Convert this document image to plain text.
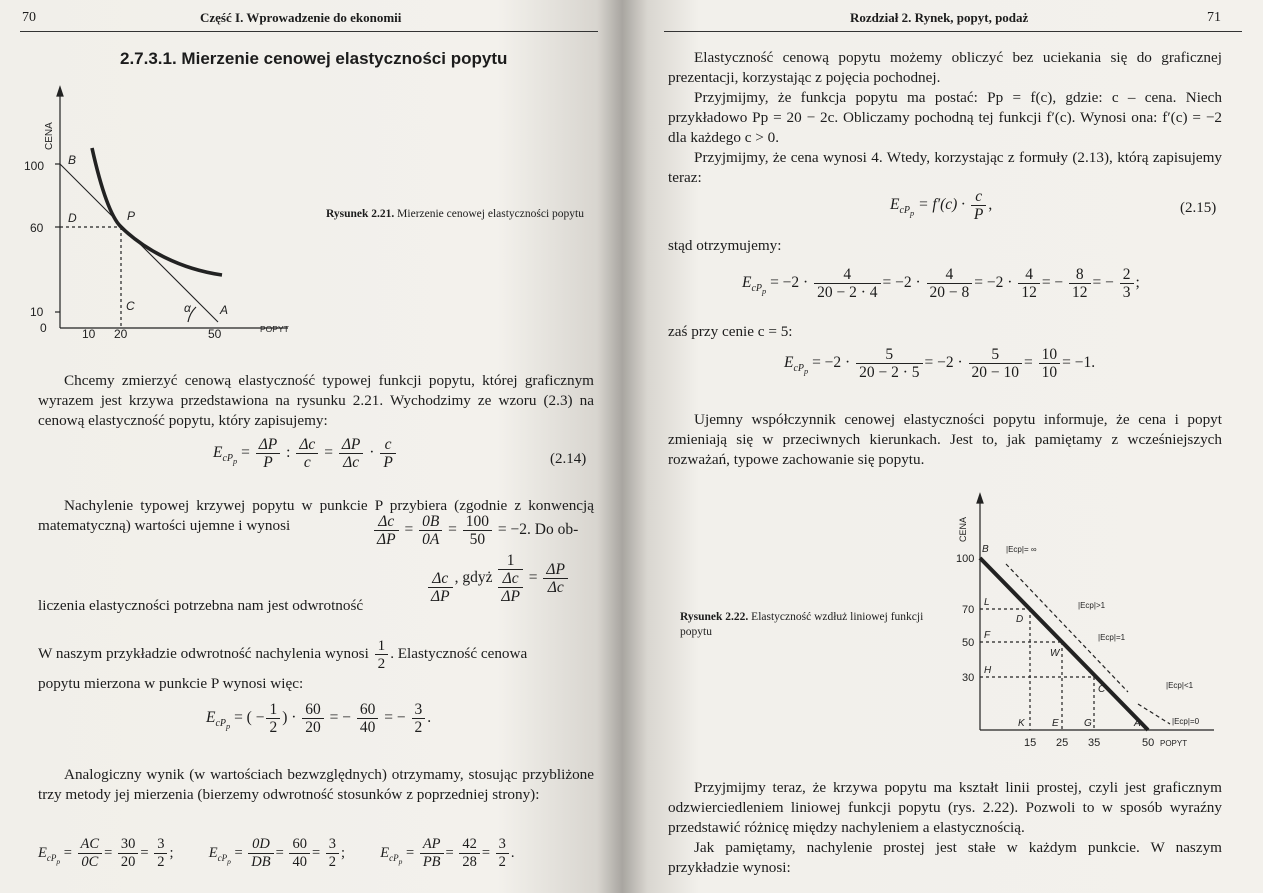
70	Część I. Wprowadzenie do ekonomii
2.7.3.1. Mierzenie cenowej elastyczności popytu
CENA
100
60
10
0	10 20	50	POPYT
B
D	P
C	α A
Rysunek 2.21. Mierzenie cenowej elastyczności popytu
Chcemy zmierzyć cenową elastyczność typowej funkcji popytu, której graficznym wyrazem jest krzywa przedstawiona na rysunku 2.21. Wychodzimy ze wzoru (2.3) na cenową elastyczność popytu, który zapisujemy:
$E_{cP_p} = \frac{\Delta P}{P}$ : $\frac{\Delta c}{c} = \frac{\Delta P}{\Delta c} \cdot \frac{c}{P}$	(2.14)
Nachylenie typowej krzywej popytu w punkcie P przybiera (zgodnie z konwencją matematyczną) wartości ujemne i wynosi	$\frac{\Delta c}{\Delta P} = \frac{0B}{0A} = \frac{100}{50} = -2$. Do ob-
liczenia elastyczności potrzebna nam jest odwrotność
$\frac{\Delta c}{\Delta P}$ , gdyż
1
Δc
ΔP
= $\frac{\Delta P}{\Delta c}$
W naszym przykładzie odwrotność nachylenia wynosi $\frac{1}{2}$ . Elastyczność cenowa
popytu mierzona w punkcie P wynosi więc:
$E_{cP_p}$ = ( − $\frac{1}{2}$ ) · $\frac{60}{20}$ = − $\frac{60}{40}$ = − $\frac{3}{2}$ .
Analogiczny wynik (w wartościach bezwzględnych) otrzymamy, stosując przybliżone trzy metody jej mierzenia (bierzemy odwrotność stosunków z poprzedniej strony):
$E_{cP_p} = \frac{AC}{0C} = \frac{30}{20} = \frac{3}{2}$ ; $E_{cP_p} = \frac{0D}{DB} = \frac{60}{40} = \frac{3}{2}$ ; $E_{cP_p} = \frac{AP}{PB} = \frac{42}{28} = \frac{3}{2}$ .
Rozdział 2. Rynek, popyt, podaż	71
Elastyczność cenową popytu możemy obliczyć bez uciekania się do graficznej prezentacji, korzystając z pojęcia pochodnej.
Przyjmijmy, że funkcja popytu ma postać: Pp = f(c), gdzie: c – cena. Niech przykładowo Pp = 20 − 2c. Obliczamy pochodną tej funkcji f′(c). Wynosi ona: f′(c) = −2 dla każdego c > 0.
Przyjmijmy, że cena wynosi 4. Wtedy, korzystając z formuły (2.13), którą zapisujemy teraz:
$E_{cP_p} = f'(c) \cdot \frac{c}{P}$ ,	(2.15)
stąd otrzymujemy:
$E_{cP_p} = -2 \cdot \frac{4}{20 - 2 \cdot 4} = -2 \cdot \frac{4}{20 - 8} = -2 \cdot \frac{4}{12}$ = − $\frac{8}{12}$ = − $\frac{2}{3}$ ;
zaś przy cenie c = 5:
$E_{cP_p} = -2 \cdot \frac{5}{20 - 2 \cdot 5} = -2 \cdot \frac{5}{20 - 10} = \frac{10}{10} = -1$.
Ujemny współczynnik cenowej elastyczności popytu informuje, że cena i popyt zmieniają się w przeciwnych kierunkach. Jest to, jak pamiętamy z wcześniejszych rozważań, typowe zachowanie się popytu.
Rysunek 2.22. Elastyczność wzdłuż liniowej funkcji popytu
CENA
100
70
50
30
15 25 35	50 POPYT
B
L
D
F
W
H
C
K	E	G	A
|Ecp|= ∞
|Ecp|>1
|Ecp|=1
|Ecp|<1
|Ecp|=0
Przyjmijmy teraz, że krzywa popytu ma kształt linii prostej, czyli jest graficznym odzwierciedleniem liniowej funkcji popytu (rys. 2.22). Pozwoli to w sposób wyraźny przedstawić różnicę między nachyleniem a elastycznością.
Jak pamiętamy, nachylenie prostej jest stałe w każdym punkcie. W naszym przykładzie wynosi:
